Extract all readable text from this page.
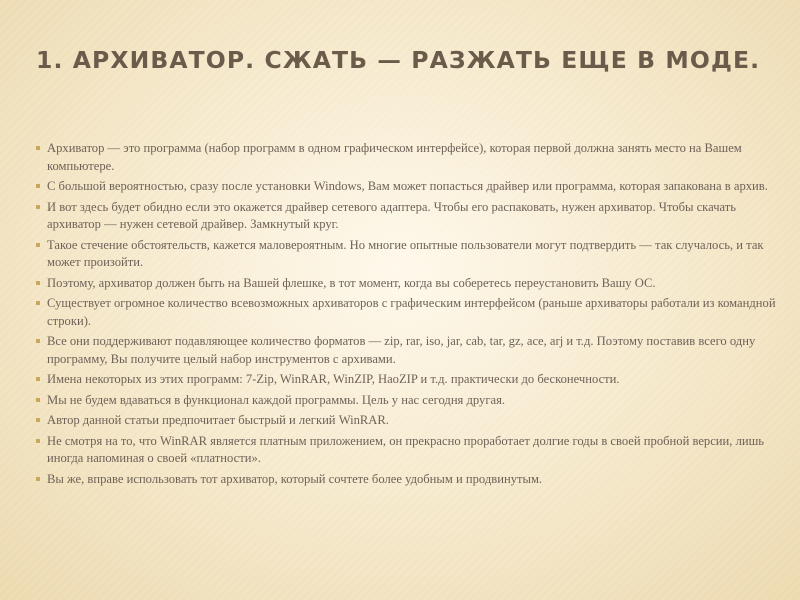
1. АРХИВАТОР. СЖАТЬ — РАЗЖАТЬ ЕЩЕ В МОДЕ.
Архиватор — это программа (набор программ в одном графическом интерфейсе), которая первой должна занять место на Вашем компьютере.
С большой вероятностью, сразу после установки Windows, Вам может попасться драйвер или программа, которая запакована в архив.
И вот здесь будет обидно если это окажется драйвер сетевого адаптера. Чтобы его распаковать, нужен архиватор. Чтобы скачать архиватор — нужен сетевой драйвер. Замкнутый круг.
Такое стечение обстоятельств, кажется маловероятным. Но многие опытные пользователи могут подтвердить — так случалось, и так может произойти.
Поэтому, архиватор должен быть на Вашей флешке, в тот момент, когда вы соберетесь переустановить Вашу ОС.
Существует огромное количество всевозможных архиваторов с графическим интерфейсом (раньше архиваторы работали из командной строки).
Все они поддерживают подавляющее количество форматов — zip, rar, iso, jar, cab, tar, gz, ace, arj и т.д. Поэтому поставив всего одну программу, Вы получите целый набор инструментов с архивами.
Имена некоторых из этих программ: 7-Zip, WinRAR, WinZIP, HaoZIP и т.д. практически до бесконечности.
Мы не будем вдаваться в функционал каждой программы. Цель у нас сегодня другая.
Автор данной статьи предпочитает быстрый и легкий WinRAR.
Не смотря на то, что WinRAR является платным приложением, он прекрасно проработает долгие годы в своей пробной версии, лишь иногда напоминая о своей «платности».
Вы же, вправе использовать тот архиватор, который сочтете более удобным и продвинутым.
